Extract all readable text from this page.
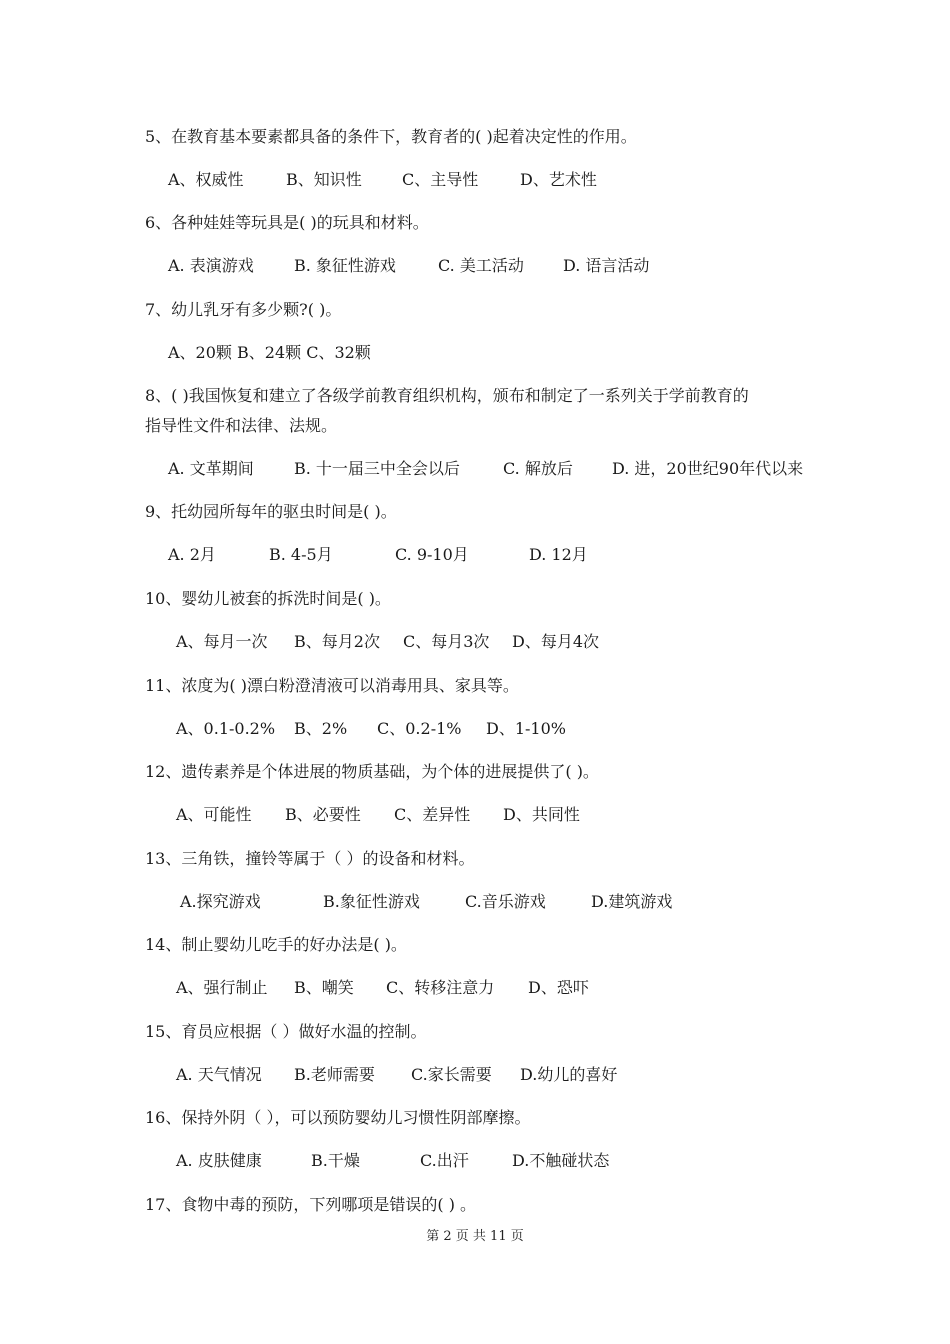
5、在教育基本要素都具备的条件下，教育者的( )起着决定性的作用。
A、权威性	B、知识性	C、主导性	D、艺术性
6、各种娃娃等玩具是( )的玩具和材料。
A. 表演游戏	B. 象征性游戏	C. 美工活动 D. 语言活动
7、幼儿乳牙有多少颗?( )。
A、20颗 B、24颗 C、32颗
8、( )我国恢复和建立了各级学前教育组织机构，颁布和制定了一系列关于学前教育的
指导性文件和法律、法规。
A. 文革期间	B. 十一届三中全会以后	C. 解放后 D. 进，20世纪90年代以来
9、托幼园所每年的驱虫时间是( )。
A. 2月	B. 4-5月	C. 9-10月	D. 12月
10、婴幼儿被套的拆洗时间是( )。
A、每月一次 B、每月2次 C、每月3次 D、每月4次
11、浓度为( )漂白粉澄清液可以消毒用具、家具等。
A、0.1-0.2% B、2% C、0.2-1% D、1-10%
12、遗传素养是个体进展的物质基础，为个体的进展提供了( )。
A、可能性 B、必要性 C、差异性 D、共同性
13、三角铁，撞铃等属于（ ）的设备和材料。
A.探究游戏	B.象征性游戏	C.音乐游戏	D.建筑游戏
14、制止婴幼儿吃手的好办法是( )。
A、强行制止 B、嘲笑 C、转移注意力 D、恐吓
15、育员应根据（ ）做好水温的控制。
A. 天气情况 B.老师需要 C.家长需要 D.幼儿的喜好
16、保持外阴（ ），可以预防婴幼儿习惯性阴部摩擦。
A. 皮肤健康	B.干燥	C.出汗	D.不触碰状态
17、食物中毒的预防，下列哪项是错误的( ) 。
第 2 页 共 11 页
